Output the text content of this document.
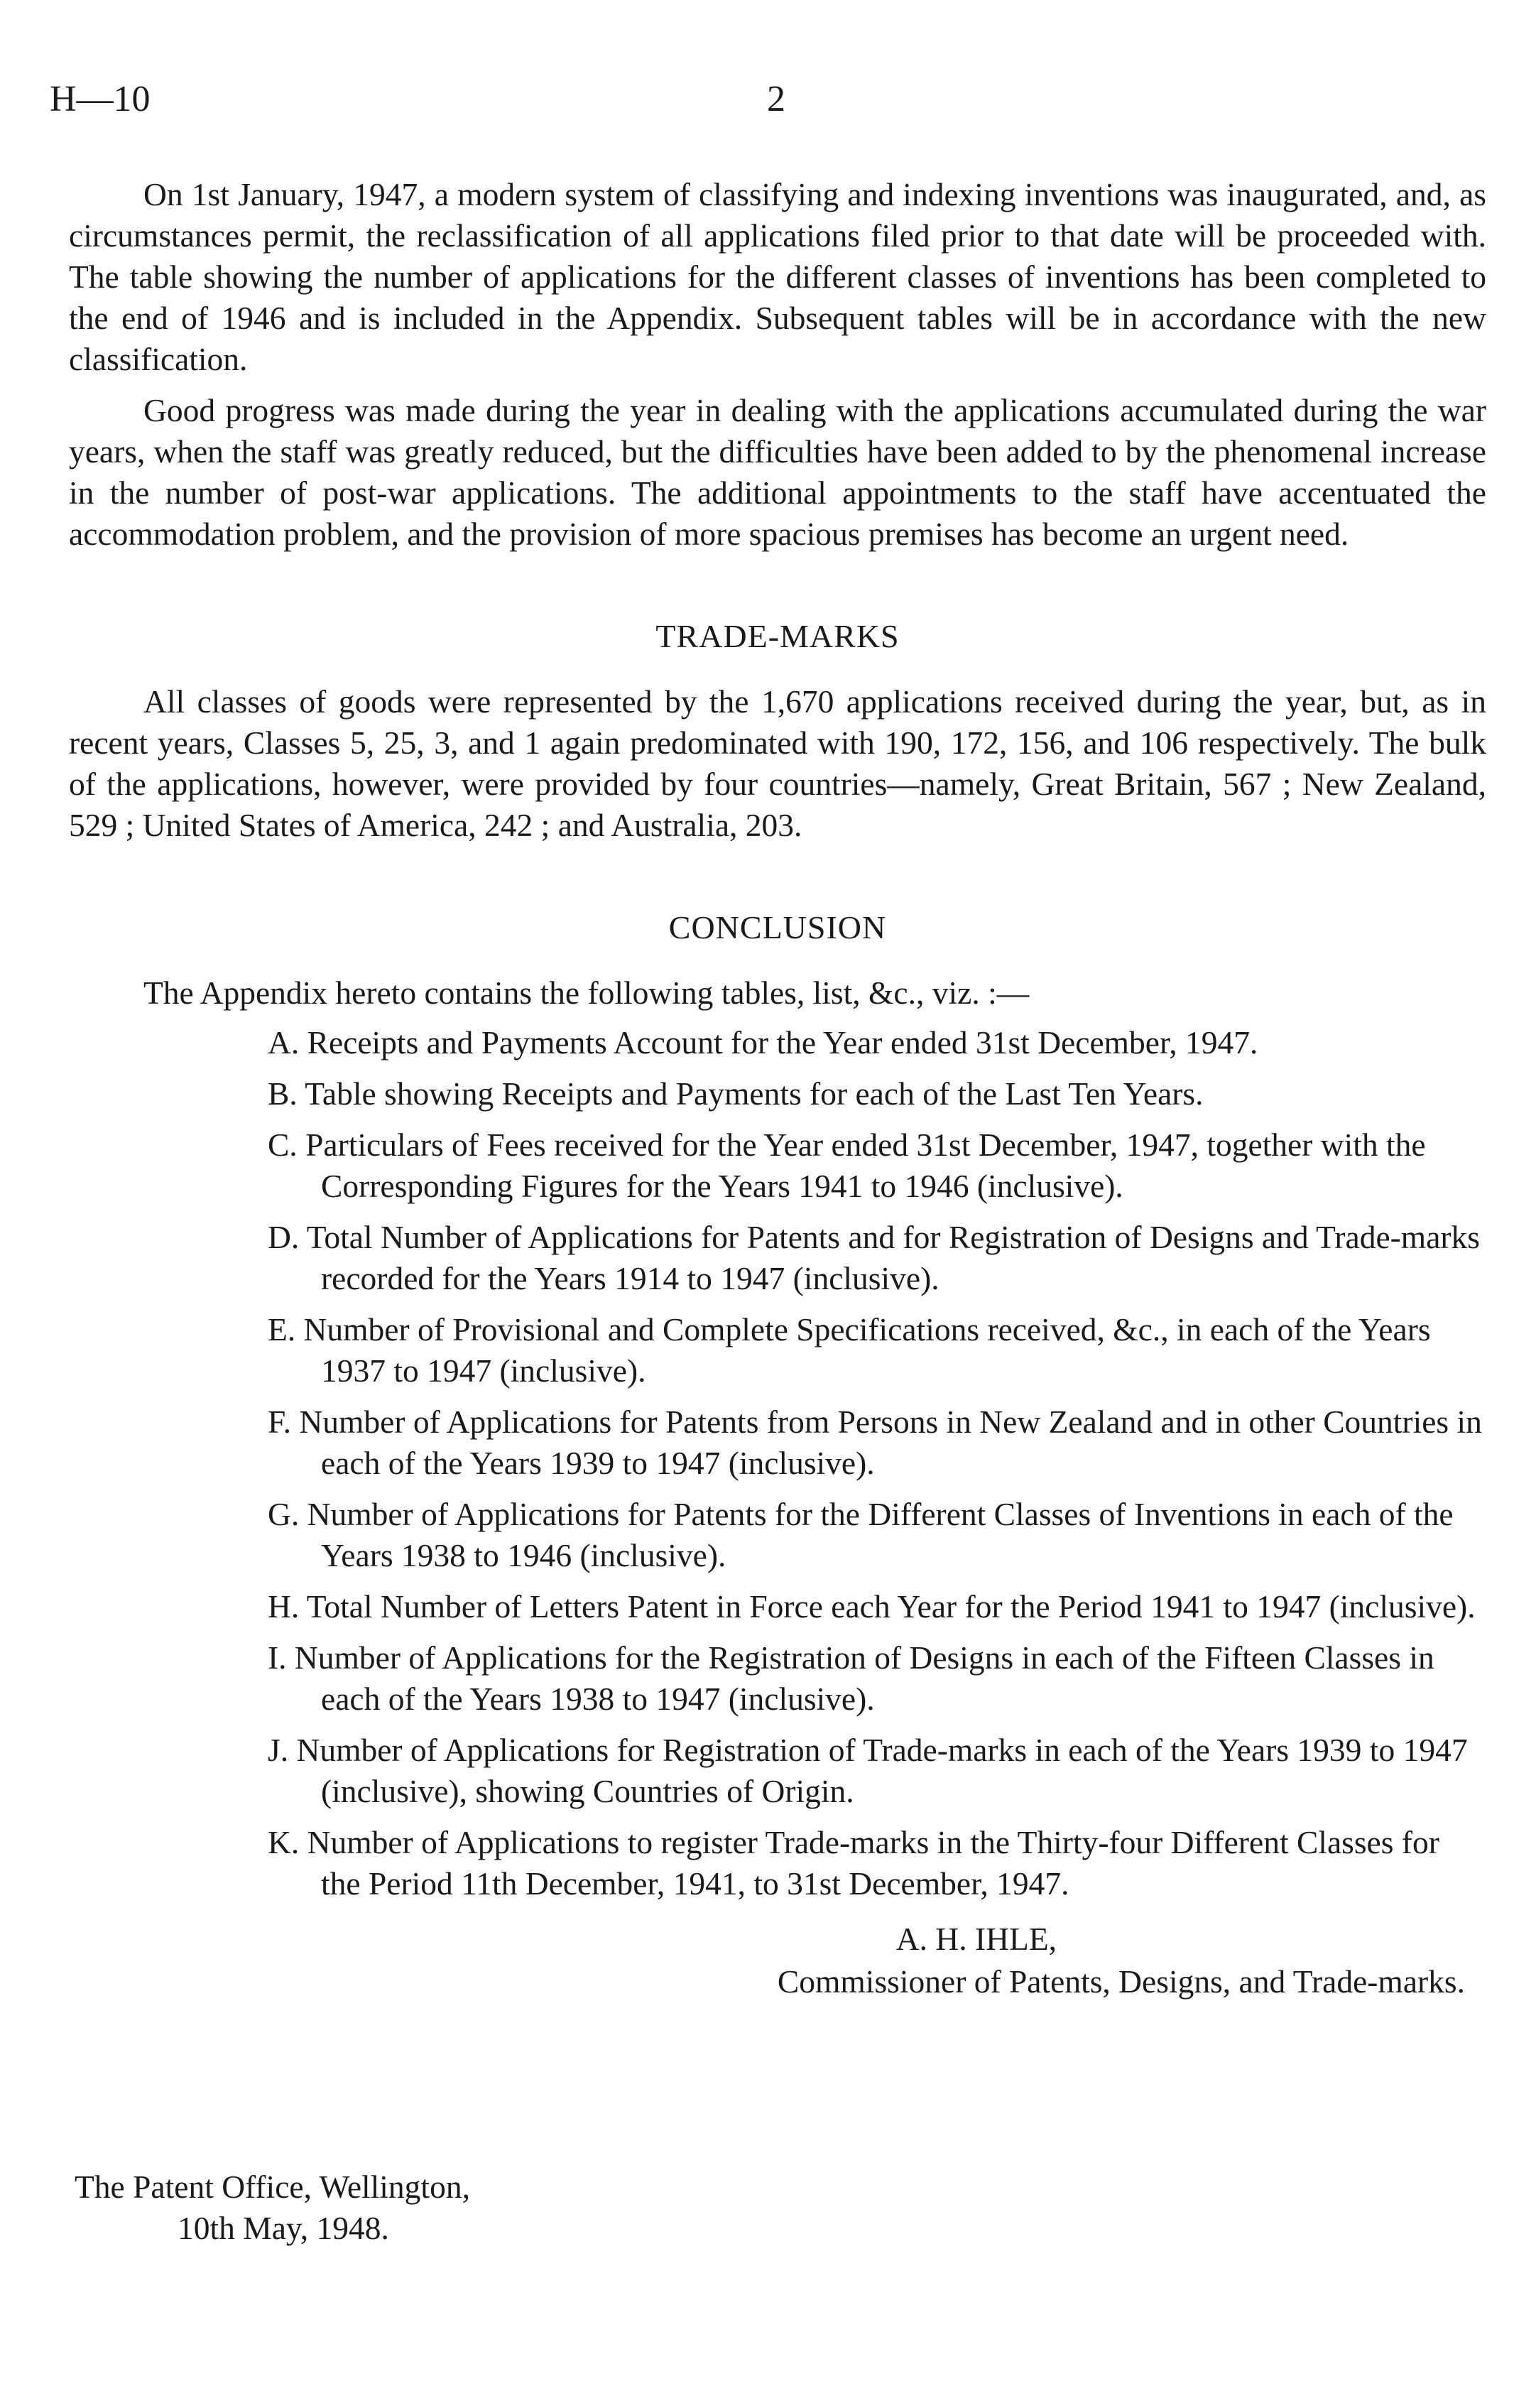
H—10	2

On 1st January, 1947, a modern system of classifying and indexing inventions was inaugurated, and, as circumstances permit, the reclassification of all applications filed prior to that date will be proceeded with. The table showing the number of applications for the different classes of inventions has been completed to the end of 1946 and is included in the Appendix. Subsequent tables will be in accordance with the new classification.

Good progress was made during the year in dealing with the applications accumulated during the war years, when the staff was greatly reduced, but the difficulties have been added to by the phenomenal increase in the number of post-war applications. The additional appointments to the staff have accentuated the accommodation problem, and the provision of more spacious premises has become an urgent need.

TRADE-MARKS

All classes of goods were represented by the 1,670 applications received during the year, but, as in recent years, Classes 5, 25, 3, and 1 again predominated with 190, 172, 156, and 106 respectively. The bulk of the applications, however, were provided by four countries—namely, Great Britain, 567 ; New Zealand, 529 ; United States of America, 242 ; and Australia, 203.

CONCLUSION
The Appendix hereto contains the following tables, list, &c., viz. :—
A. Receipts and Payments Account for the Year ended 31st December, 1947.
B. Table showing Receipts and Payments for each of the Last Ten Years.
C. Particulars of Fees received for the Year ended 31st December, 1947, together with the Corresponding Figures for the Years 1941 to 1946 (inclusive).
D. Total Number of Applications for Patents and for Registration of Designs and Trade-marks recorded for the Years 1914 to 1947 (inclusive).
E. Number of Provisional and Complete Specifications received, &c., in each of the Years 1937 to 1947 (inclusive).
F. Number of Applications for Patents from Persons in New Zealand and in other Countries in each of the Years 1939 to 1947 (inclusive).
G. Number of Applications for Patents for the Different Classes of Inventions in each of the Years 1938 to 1946 (inclusive).
H. Total Number of Letters Patent in Force each Year for the Period 1941 to 1947 (inclusive).
I. Number of Applications for the Registration of Designs in each of the Fifteen Classes in each of the Years 1938 to 1947 (inclusive).
J. Number of Applications for Registration of Trade-marks in each of the Years 1939 to 1947 (inclusive), showing Countries of Origin.
K. Number of Applications to register Trade-marks in the Thirty-four Different Classes for the Period 11th December, 1941, to 31st December, 1947.
A. H. IHLE,
Commissioner of Patents, Designs, and Trade-marks.
The Patent Office, Wellington,
10th May, 1948.
